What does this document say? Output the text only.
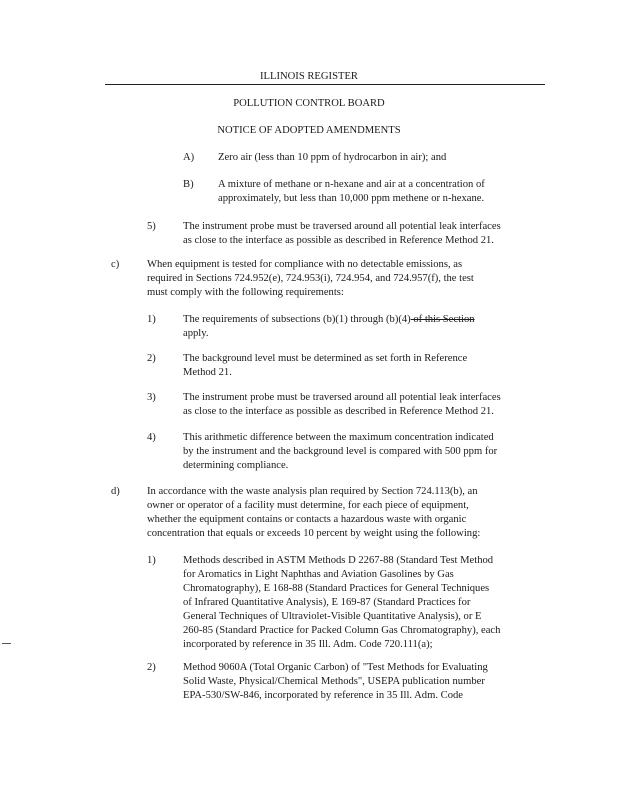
ILLINOIS REGISTER
POLLUTION CONTROL BOARD
NOTICE OF ADOPTED AMENDMENTS
A) Zero air (less than 10 ppm of hydrocarbon in air); and
B) A mixture of methane or n-hexane and air at a concentration of
approximately, but less than 10,000 ppm methene or n-hexane.
5)	The instrument probe must be traversed around all potential leak interfaces
as close to the interface as possible as described in Reference Method 21.
c)	When equipment is tested for compliance with no detectable emissions, as
required in Sections 724.952(e), 724.953(i), 724.954, and 724.957(f), the test
must comply with the following requirements:
1)	The requirements of subsections (b)(1) through (b)(4) of this Section
apply.
2)	The background level must be determined as set forth in Reference
Method 21.
3)	The instrument probe must be traversed around all potential leak interfaces
as close to the interface as possible as described in Reference Method 21.
4)	This arithmetic difference between the maximum concentration indicated
by the instrument and the background level is compared with 500 ppm for
determining compliance.
d)	In accordance with the waste analysis plan required by Section 724.113(b), an
owner or operator of a facility must determine, for each piece of equipment,
whether the equipment contains or contacts a hazardous waste with organic
concentration that equals or exceeds 10 percent by weight using the following:
1)	Methods described in ASTM Methods D 2267-88 (Standard Test Method
for Aromatics in Light Naphthas and Aviation Gasolines by Gas
Chromatography), E 168-88 (Standard Practices for General Techniques
of Infrared Quantitative Analysis), E 169-87 (Standard Practices for
General Techniques of Ultraviolet-Visible Quantitative Analysis), or E
260-85 (Standard Practice for Packed Column Gas Chromatography), each
incorporated by reference in 35 Ill. Adm. Code 720.111(a);
2)	Method 9060A (Total Organic Carbon) of "Test Methods for Evaluating
Solid Waste, Physical/Chemical Methods", USEPA publication number
EPA-530/SW-846, incorporated by reference in 35 Ill. Adm. Code
